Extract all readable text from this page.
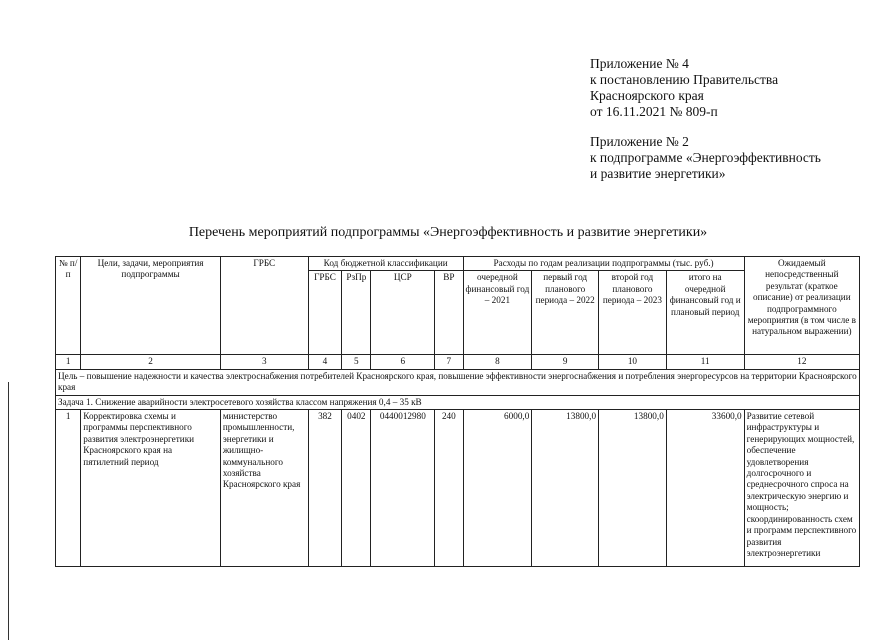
Приложение № 4

к постановлению Правительства

Красноярского края

от 16.11.2021 № 809-п

Приложение № 2

к подпрограмме «Энергоэффективность

и развитие энергетики»

Перечень мероприятий подпрограммы «Энергоэффективность и развитие энергетики»
№ п/п	Цели, задачи, мероприятия подпрограммы	ГРБС	Код бюджетной классификации				Расходы по годам реализации подпрограммы (тыс. руб.)				Ожидаемый непосредственный результат (краткое описание) от реализации подпрограммного мероприятия (в том числе в натуральном выражении)
			ГРБС	РзПр	ЦСР	ВР	очередной финансовый год – 2021	первый год планового периода – 2022	второй год планового периода – 2023	итого на очередной финансовый год и плановый период	
1	2	3	4	5	6	7	8	9	10	11	12
Цель – повышение надежности и качества электроснабжения потребителей Красноярского края, повышение эффективности энергоснабжения и потребления энергоресурсов на территории Красноярского края											
Задача 1. Снижение аварийности электросетевого хозяйства классом напряжения 0,4 – 35 кВ											
1	Корректировка схемы и программы перспективного развития электроэнергетики Красноярского края на пятилетний период	министерство промышленности, энергетики и жилищно-коммунального хозяйства Красноярского края	382	0402	0440012980	240	6000,0	13800,0	13800,0	33600,0	Развитие сетевой инфраструктуры и генерирующих мощностей, обеспечение удовлетворения долгосрочного и среднесрочного спроса на электрическую энергию и мощность; скоординированность схем и программ перспективного развития электроэнергетики
